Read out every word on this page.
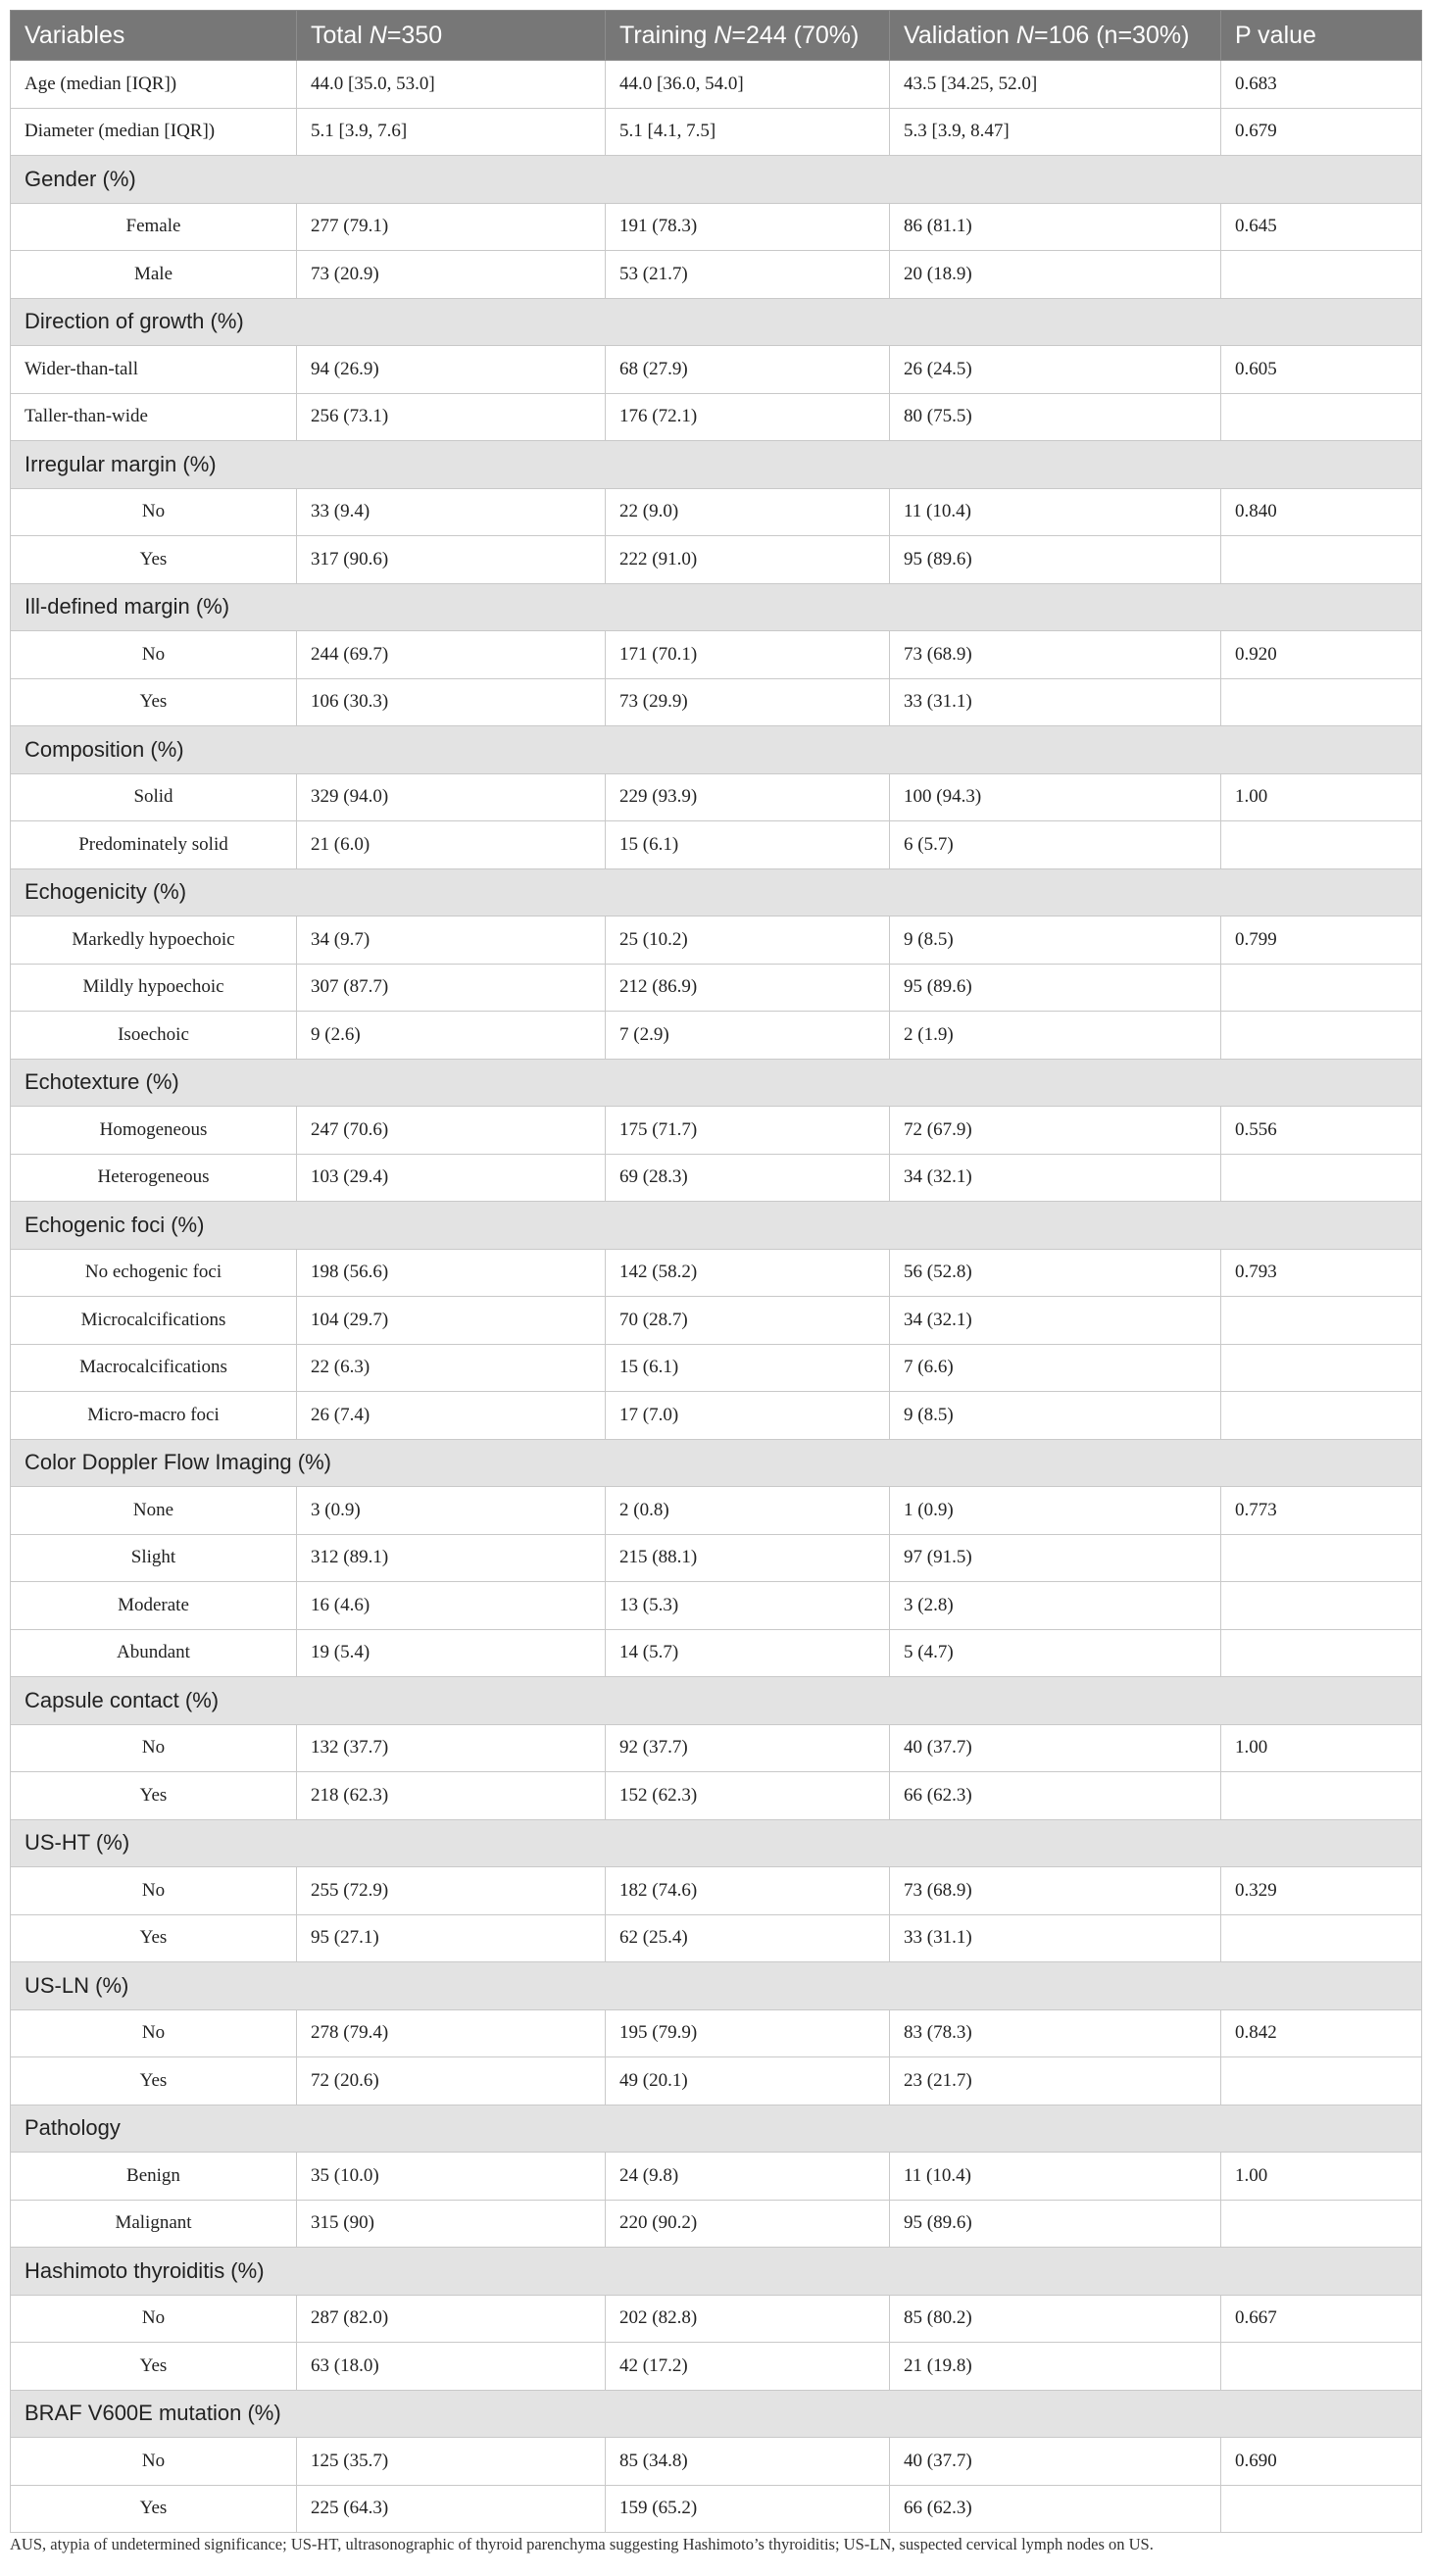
Variables	Total N=350	Training N=244 (70%)	Validation N=106 (n=30%)	P value
Age (median [IQR])	44.0 [35.0, 53.0]	44.0 [36.0, 54.0]	43.5 [34.25, 52.0]	0.683
Diameter (median [IQR])	5.1 [3.9, 7.6]	5.1 [4.1, 7.5]	5.3 [3.9, 8.47]	0.679
Gender (%)				
Female	277 (79.1)	191 (78.3)	86 (81.1)	0.645
Male	73 (20.9)	53 (21.7)	20 (18.9)	
Direction of growth (%)				
Wider-than-tall	94 (26.9)	68 (27.9)	26 (24.5)	0.605
Taller-than-wide	256 (73.1)	176 (72.1)	80 (75.5)	
Irregular margin (%)				
No	33 (9.4)	22 (9.0)	11 (10.4)	0.840
Yes	317 (90.6)	222 (91.0)	95 (89.6)	
Ill-defined margin (%)				
No	244 (69.7)	171 (70.1)	73 (68.9)	0.920
Yes	106 (30.3)	73 (29.9)	33 (31.1)	
Composition (%)				
Solid	329 (94.0)	229 (93.9)	100 (94.3)	1.00
Predominately solid	21 (6.0)	15 (6.1)	6 (5.7)	
Echogenicity (%)				
Markedly hypoechoic	34 (9.7)	25 (10.2)	9 (8.5)	0.799
Mildly hypoechoic	307 (87.7)	212 (86.9)	95 (89.6)	
Isoechoic	9 (2.6)	7 (2.9)	2 (1.9)	
Echotexture (%)				
Homogeneous	247 (70.6)	175 (71.7)	72 (67.9)	0.556
Heterogeneous	103 (29.4)	69 (28.3)	34 (32.1)	
Echogenic foci (%)				
No echogenic foci	198 (56.6)	142 (58.2)	56 (52.8)	0.793
Microcalcifications	104 (29.7)	70 (28.7)	34 (32.1)	
Macrocalcifications	22 (6.3)	15 (6.1)	7 (6.6)	
Micro-macro foci	26 (7.4)	17 (7.0)	9 (8.5)	
Color Doppler Flow Imaging (%)				
None	3 (0.9)	2 (0.8)	1 (0.9)	0.773
Slight	312 (89.1)	215 (88.1)	97 (91.5)	
Moderate	16 (4.6)	13 (5.3)	3 (2.8)	
Abundant	19 (5.4)	14 (5.7)	5 (4.7)	
Capsule contact (%)				
No	132 (37.7)	92 (37.7)	40 (37.7)	1.00
Yes	218 (62.3)	152 (62.3)	66 (62.3)	
US-HT (%)				
No	255 (72.9)	182 (74.6)	73 (68.9)	0.329
Yes	95 (27.1)	62 (25.4)	33 (31.1)	
US-LN (%)				
No	278 (79.4)	195 (79.9)	83 (78.3)	0.842
Yes	72 (20.6)	49 (20.1)	23 (21.7)	
Pathology				
Benign	35 (10.0)	24 (9.8)	11 (10.4)	1.00
Malignant	315 (90)	220 (90.2)	95 (89.6)	
Hashimoto thyroiditis (%)				
No	287 (82.0)	202 (82.8)	85 (80.2)	0.667
Yes	63 (18.0)	42 (17.2)	21 (19.8)	
BRAF V600E mutation (%)				
No	125 (35.7)	85 (34.8)	40 (37.7)	0.690
Yes	225 (64.3)	159 (65.2)	66 (62.3)	
AUS, atypia of undetermined significance; US-HT, ultrasonographic of thyroid parenchyma suggesting Hashimoto’s thyroiditis; US-LN, suspected cervical lymph nodes on US.
